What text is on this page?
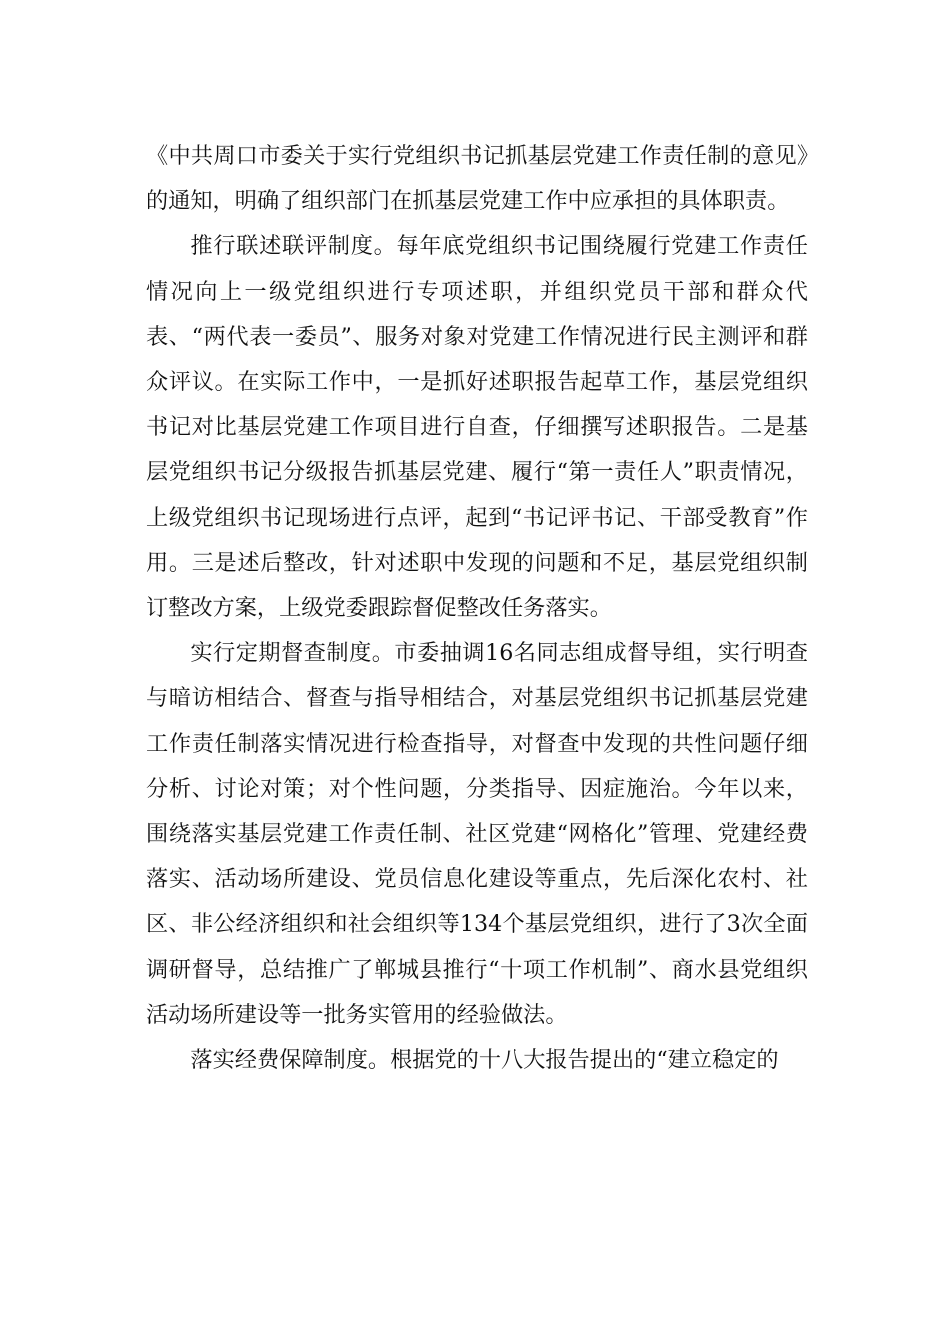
《中共周口市委关于实行党组织书记抓基层党建工作责任制的意见》的通知，明确了组织部门在抓基层党建工作中应承担的具体职责。

推行联述联评制度。每年底党组织书记围绕履行党建工作责任情况向上一级党组织进行专项述职，并组织党员干部和群众代表、“两代表一委员”、服务对象对党建工作情况进行民主测评和群众评议。在实际工作中，一是抓好述职报告起草工作，基层党组织书记对比基层党建工作项目进行自查，仔细撰写述职报告。二是基层党组织书记分级报告抓基层党建、履行“第一责任人”职责情况，上级党组织书记现场进行点评，起到“书记评书记、干部受教育”作用。三是述后整改，针对述职中发现的问题和不足，基层党组织制订整改方案，上级党委跟踪督促整改任务落实。

实行定期督查制度。市委抽调16名同志组成督导组，实行明查与暗访相结合、督查与指导相结合，对基层党组织书记抓基层党建工作责任制落实情况进行检查指导，对督查中发现的共性问题仔细分析、讨论对策；对个性问题，分类指导、因症施治。今年以来，围绕落实基层党建工作责任制、社区党建“网格化”管理、党建经费落实、活动场所建设、党员信息化建设等重点，先后深化农村、社区、非公经济组织和社会组织等134个基层党组织，进行了3次全面调研督导，总结推广了郸城县推行“十项工作机制”、商水县党组织活动场所建设等一批务实管用的经验做法。

落实经费保障制度。根据党的十八大报告提出的“建立稳定的
